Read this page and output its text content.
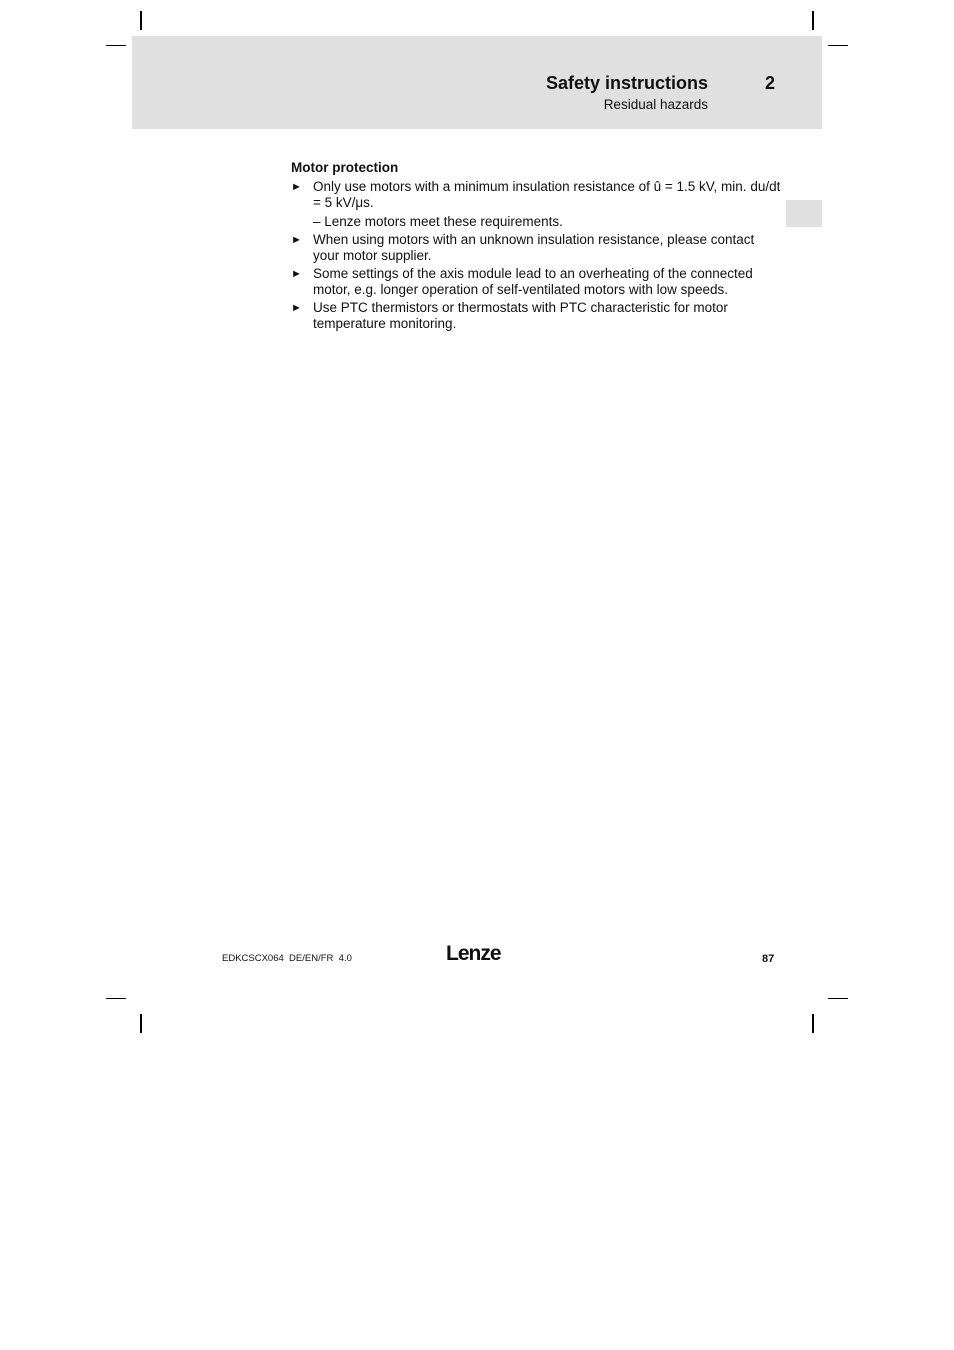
Safety instructions	2
Residual hazards
Motor protection
► Only use motors with a minimum insulation resistance of û = 1.5 kV, min. du/dt = 5 kV/μs.
– Lenze motors meet these requirements.
► When using motors with an unknown insulation resistance, please contact your motor supplier.
► Some settings of the axis module lead to an overheating of the connected motor, e.g. longer operation of self-ventilated motors with low speeds.
► Use PTC thermistors or thermostats with PTC characteristic for motor temperature monitoring.
EDKCSCX064  DE/EN/FR  4.0	Lenze	87
